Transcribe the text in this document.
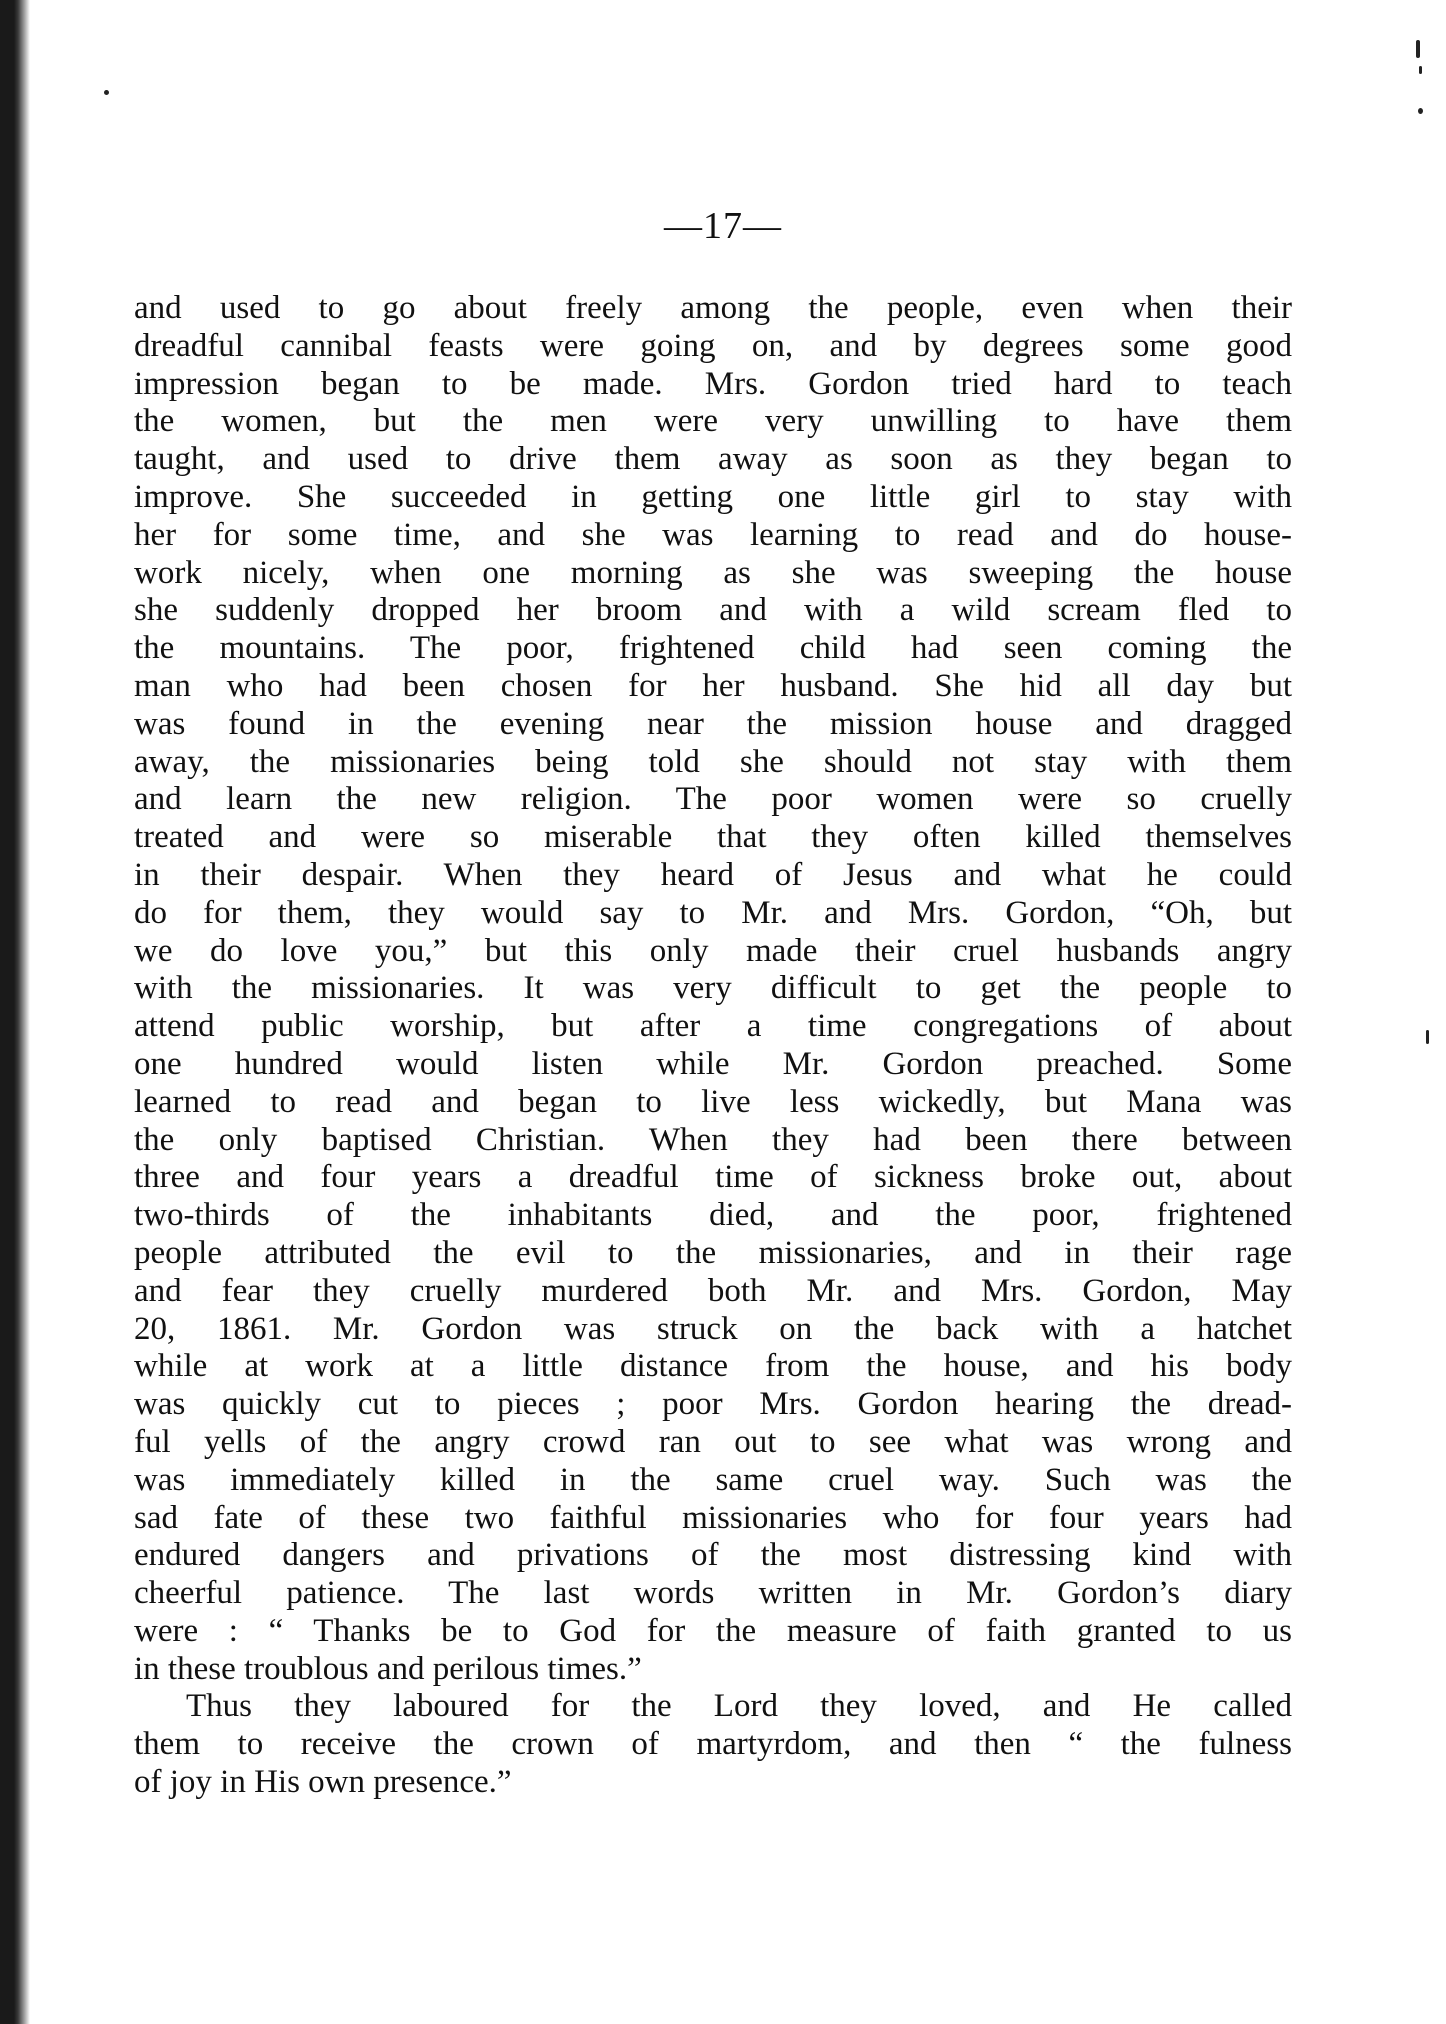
—17—
and used to go about freely among the people, even when their
dreadful cannibal feasts were going on, and by degrees some good
impression began to be made. Mrs. Gordon tried hard to teach
the women, but the men were very unwilling to have them
taught, and used to drive them away as soon as they began to
improve. She succeeded in getting one little girl to stay with
her for some time, and she was learning to read and do house-
work nicely, when one morning as she was sweeping the house
she suddenly dropped her broom and with a wild scream fled to
the mountains. The poor, frightened child had seen coming the
man who had been chosen for her husband. She hid all day but
was found in the evening near the mission house and dragged
away, the missionaries being told she should not stay with them
and learn the new religion. The poor women were so cruelly
treated and were so miserable that they often killed themselves
in their despair. When they heard of Jesus and what he could
do for them, they would say to Mr. and Mrs. Gordon, “Oh, but
we do love you,” but this only made their cruel husbands angry
with the missionaries. It was very difficult to get the people to
attend public worship, but after a time congregations of about
one hundred would listen while Mr. Gordon preached. Some
learned to read and began to live less wickedly, but Mana was
the only baptised Christian. When they had been there between
three and four years a dreadful time of sickness broke out, about
two-thirds of the inhabitants died, and the poor, frightened
people attributed the evil to the missionaries, and in their rage
and fear they cruelly murdered both Mr. and Mrs. Gordon, May
20, 1861. Mr. Gordon was struck on the back with a hatchet
while at work at a little distance from the house, and his body
was quickly cut to pieces ; poor Mrs. Gordon hearing the dread-
ful yells of the angry crowd ran out to see what was wrong and
was immediately killed in the same cruel way. Such was the
sad fate of these two faithful missionaries who for four years had
endured dangers and privations of the most distressing kind with
cheerful patience. The last words written in Mr. Gordon’s diary
were : “ Thanks be to God for the measure of faith granted to us
in these troublous and perilous times.”
Thus they laboured for the Lord they loved, and He called
them to receive the crown of martyrdom, and then “ the fulness
of joy in His own presence.”
